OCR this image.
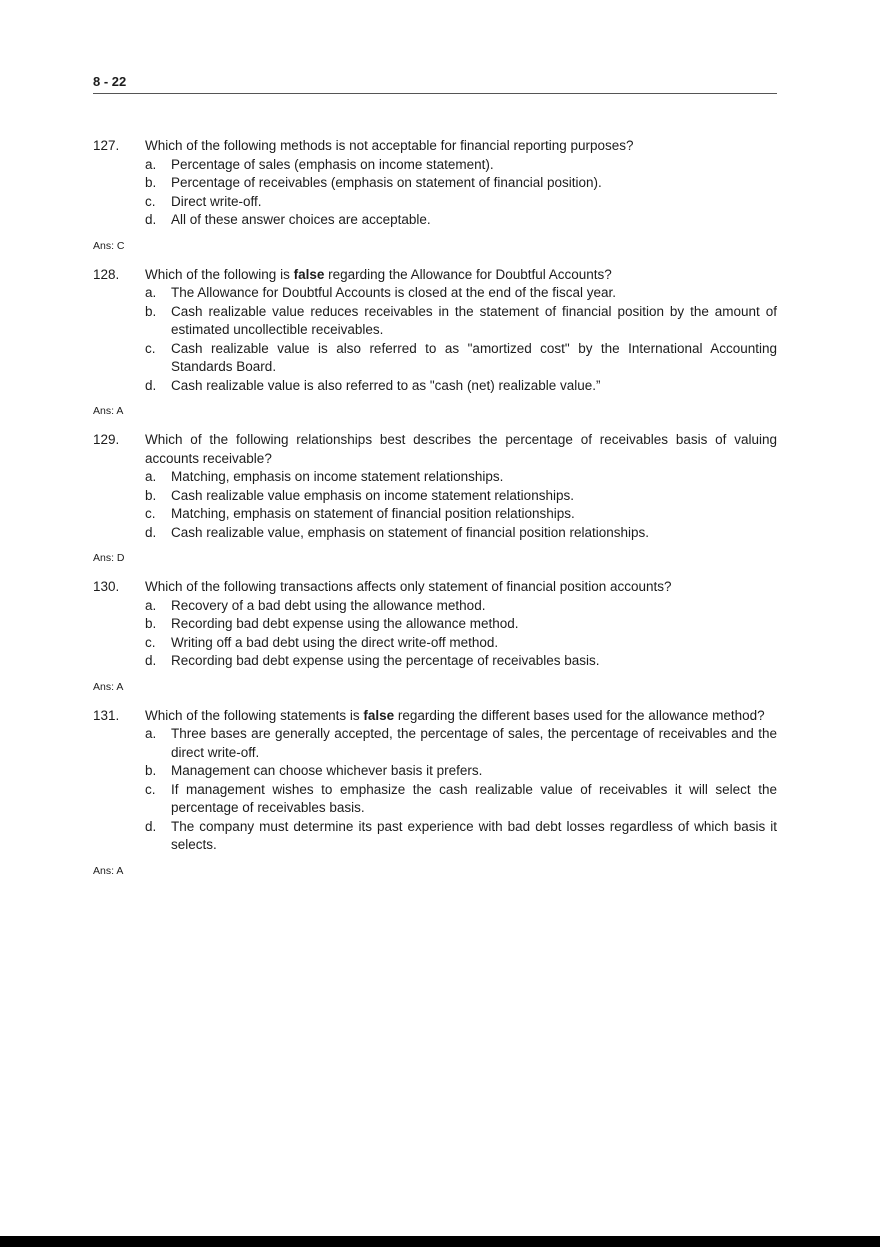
8 - 22
127.	Which of the following methods is not acceptable for financial reporting purposes?
a.	Percentage of sales (emphasis on income statement).
b.	Percentage of receivables (emphasis on statement of financial position).
c.	Direct write-off.
d.	All of these answer choices are acceptable.
Ans: C
128.	Which of the following is false regarding the Allowance for Doubtful Accounts?
a.	The Allowance for Doubtful Accounts is closed at the end of the fiscal year.
b.	Cash realizable value reduces receivables in the statement of financial position by the amount of estimated uncollectible receivables.
c.	Cash realizable value is also referred to as "amortized cost" by the International Accounting Standards Board.
d.	Cash realizable value is also referred to as "cash (net) realizable value.”
Ans: A
129.	Which of the following relationships best describes the percentage of receivables basis of valuing accounts receivable?
a.	Matching, emphasis on income statement relationships.
b.	Cash realizable value emphasis on income statement relationships.
c.	Matching, emphasis on statement of financial position relationships.
d.	Cash realizable value, emphasis on statement of financial position relationships.
Ans: D
130.	Which of the following transactions affects only statement of financial position accounts?
a.	Recovery of a bad debt using the allowance method.
b.	Recording bad debt expense using the allowance method.
c.	Writing off a bad debt using the direct write-off method.
d.	Recording bad debt expense using the percentage of receivables basis.
Ans: A
131.	Which of the following statements is false regarding the different bases used for the allowance method?
a.	Three bases are generally accepted, the percentage of sales, the percentage of receivables and the direct write-off.
b.	Management can choose whichever basis it prefers.
c.	If management wishes to emphasize the cash realizable value of receivables it will select the percentage of receivables basis.
d.	The company must determine its past experience with bad debt losses regardless of which basis it selects.
Ans: A
